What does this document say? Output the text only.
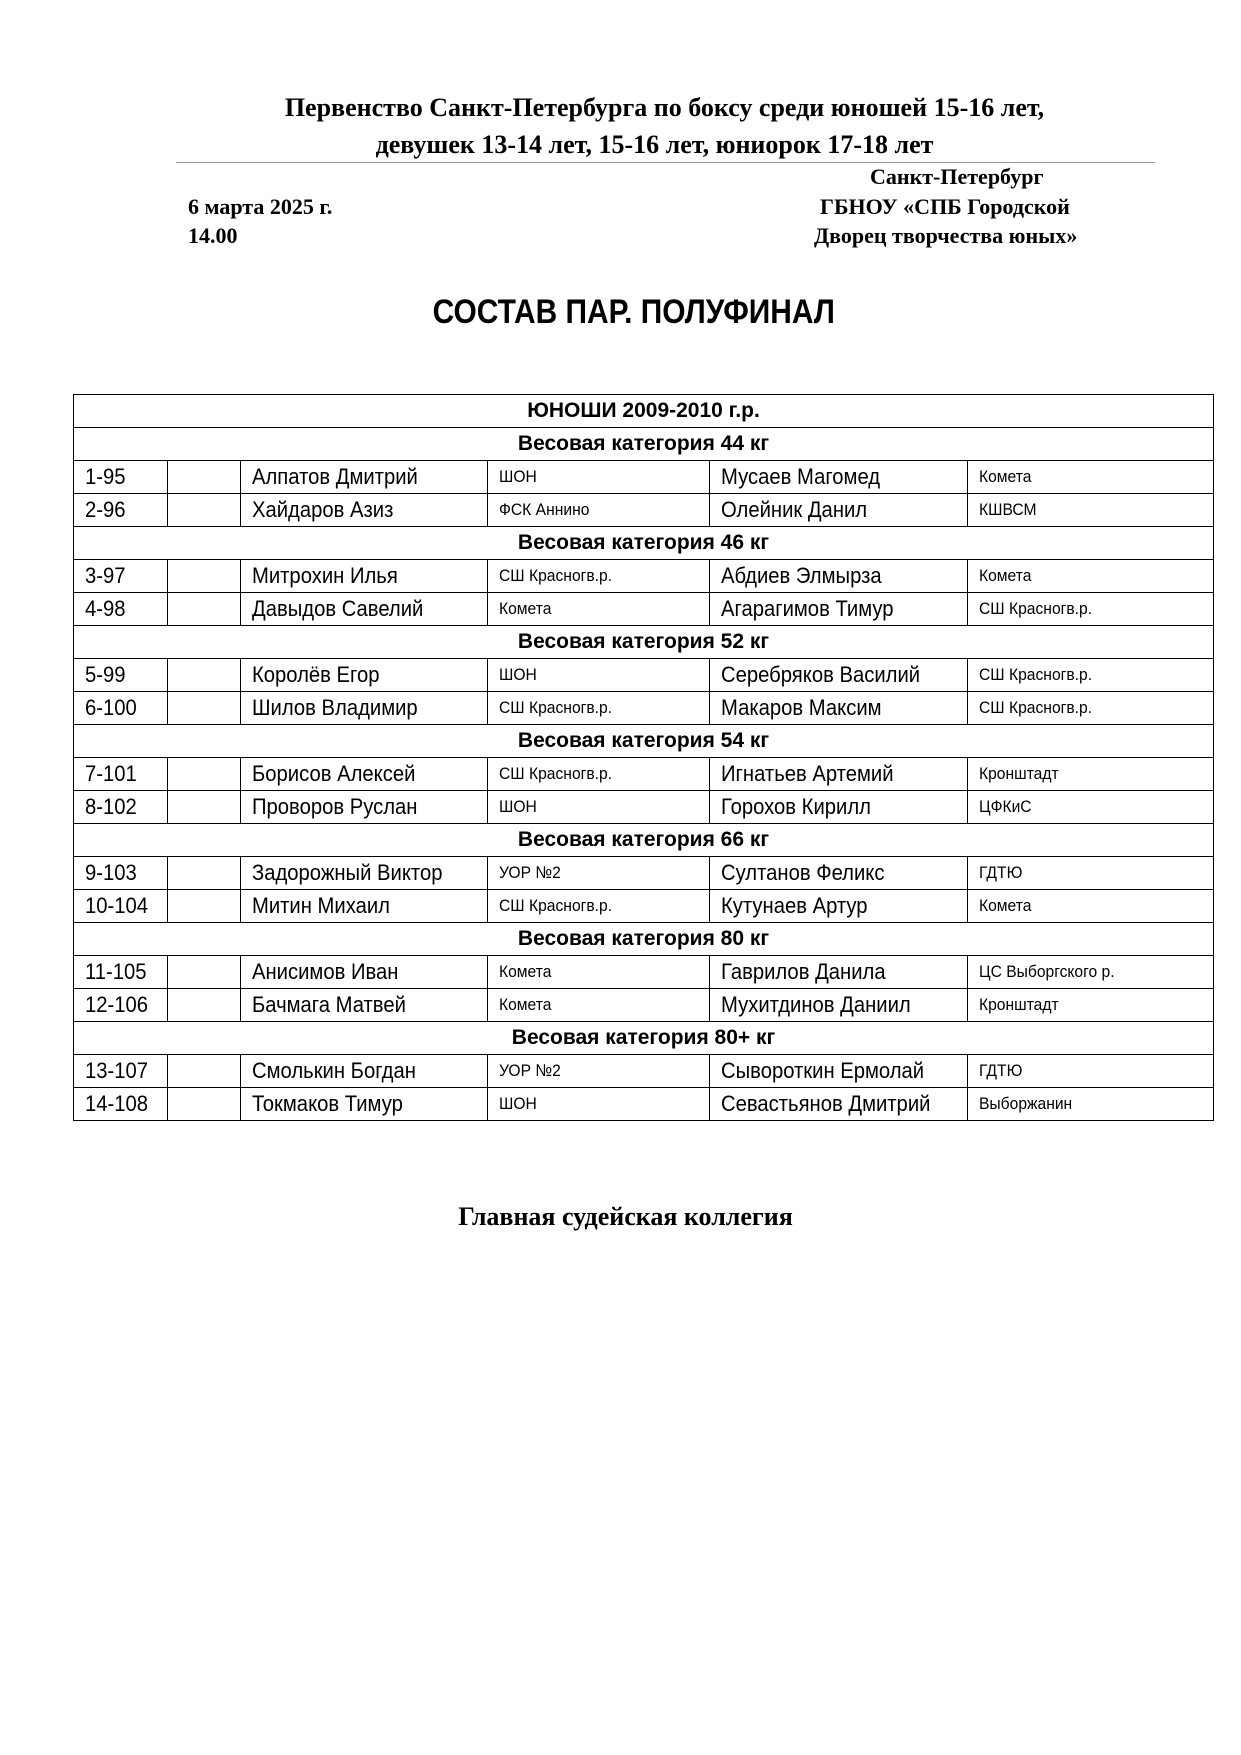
Первенство Санкт-Петербурга по боксу среди юношей 15-16 лет,
девушек 13-14 лет, 15-16 лет, юниорок 17-18 лет
Санкт-Петербург
6 марта 2025 г.	ГБНОУ «СПБ Городской
14.00	Дворец творчества юных»
СОСТАВ ПАР. ПОЛУФИНАЛ
ЮНОШИ 2009-2010 г.р.					
Весовая категория 44 кг					
1-95		Алпатов Дмитрий	ШОН	Мусаев Магомед	Комета
2-96		Хайдаров Азиз	ФСК Аннино	Олейник Данил	КШВСМ
Весовая категория 46 кг					
3-97		Митрохин Илья	СШ Красногв.р.	Абдиев Элмырза	Комета
4-98		Давыдов Савелий	Комета	Агарагимов Тимур	СШ Красногв.р.
Весовая категория 52 кг					
5-99		Королёв Егор	ШОН	Серебряков Василий	СШ Красногв.р.
6-100		Шилов Владимир	СШ Красногв.р.	Макаров Максим	СШ Красногв.р.
Весовая категория 54 кг					
7-101		Борисов Алексей	СШ Красногв.р.	Игнатьев Артемий	Кронштадт
8-102		Проворов Руслан	ШОН	Горохов Кирилл	ЦФКиС
Весовая категория 66 кг					
9-103		Задорожный Виктор	УОР №2	Султанов Феликс	ГДТЮ
10-104		Митин Михаил	СШ Красногв.р.	Кутунаев Артур	Комета
Весовая категория 80 кг					
11-105		Анисимов Иван	Комета	Гаврилов Данила	ЦС Выборгского р.
12-106		Бачмага Матвей	Комета	Мухитдинов Даниил	Кронштадт
Весовая категория 80+ кг					
13-107		Смолькин Богдан	УОР №2	Сывороткин Ермолай	ГДТЮ
14-108		Токмаков Тимур	ШОН	Севастьянов Дмитрий	Выборжанин
Главная судейская коллегия
